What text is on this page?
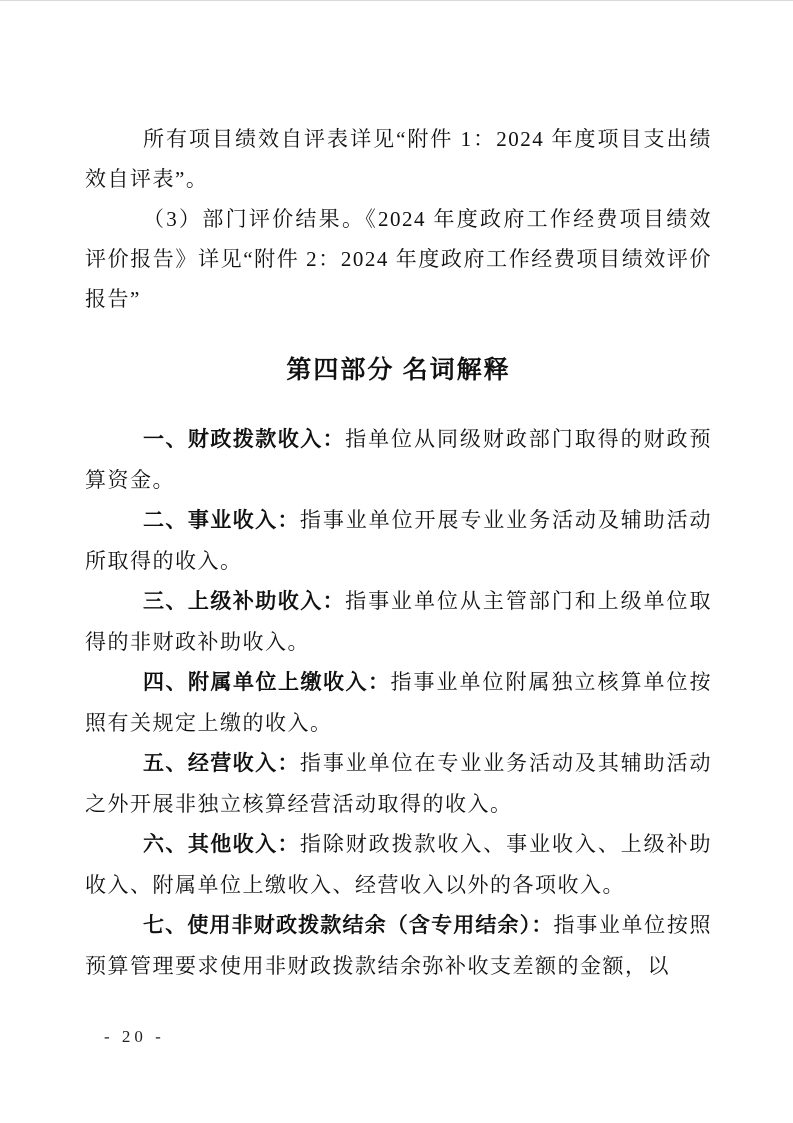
所有项目绩效自评表详见“附件 1：2024 年度项目支出绩效自评表”。

（3）部门评价结果。《2024 年度政府工作经费项目绩效评价报告》详见“附件 2：2024 年度政府工作经费项目绩效评价报告”

第四部分 名词解释

一、财政拨款收入：指单位从同级财政部门取得的财政预算资金。

二、事业收入：指事业单位开展专业业务活动及辅助活动所取得的收入。

三、上级补助收入：指事业单位从主管部门和上级单位取得的非财政补助收入。

四、附属单位上缴收入：指事业单位附属独立核算单位按照有关规定上缴的收入。

五、经营收入：指事业单位在专业业务活动及其辅助活动之外开展非独立核算经营活动取得的收入。

六、其他收入：指除财政拨款收入、事业收入、上级补助收入、附属单位上缴收入、经营收入以外的各项收入。

七、使用非财政拨款结余（含专用结余）：指事业单位按照预算管理要求使用非财政拨款结余弥补收支差额的金额，以

- 20 -
